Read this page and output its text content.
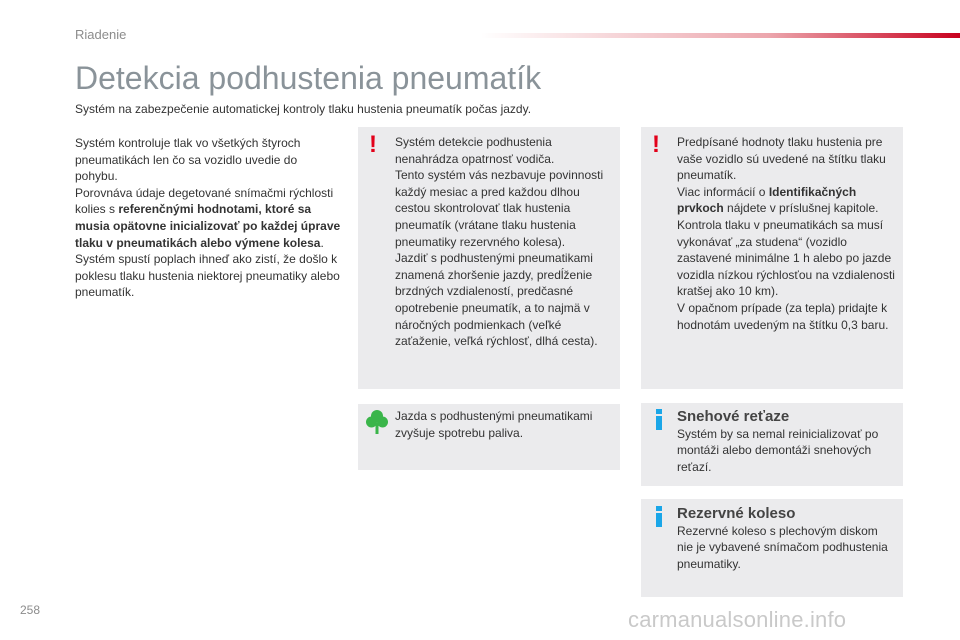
Riadenie
Detekcia podhustenia pneumatík
Systém na zabezpečenie automatickej kontroly tlaku hustenia pneumatík počas jazdy.

Systém kontroluje tlak vo všetkých štyroch pneumatikách len čo sa vozidlo uvedie do pohybu.

Porovnáva údaje degetované snímačmi rýchlosti kolies s referenčnými hodnotami, ktoré sa musia opätovne inicializovať po každej úprave tlaku v pneumatikách alebo výmene kolesa.

Systém spustí poplach ihneď ako zistí, že došlo k poklesu tlaku hustenia niektorej pneumatiky alebo pneumatík.

! Systém detekcie podhustenia nenahrádza opatrnosť vodiča.

Tento systém vás nezbavuje povinnosti každý mesiac a pred každou dlhou cestou skontrolovať tlak hustenia pneumatík (vrátane tlaku hustenia pneumatiky rezervného kolesa).

Jazdiť s podhustenými pneumatikami znamená zhoršenie jazdy, predĺženie brzdných vzdialeností, predčasné opotrebenie pneumatík, a to najmä v náročných podmienkach (veľké zaťaženie, veľká rýchlosť, dlhá cesta).

! Predpísané hodnoty tlaku hustenia pre vaše vozidlo sú uvedené na štítku tlaku pneumatík.

Viac informácií o Identifikačných prvkoch nájdete v príslušnej kapitole.

Kontrola tlaku v pneumatikách sa musí vykonávať „za studena“ (vozidlo zastavené minimálne 1 h alebo po jazde vozidla nízkou rýchlosťou na vzdialenosti kratšej ako 10 km).

V opačnom prípade (za tepla) pridajte k hodnotám uvedeným na štítku 0,3 baru.

Jazda s podhustenými pneumatikami zvyšuje spotrebu paliva.

Snehové reťaze

Systém by sa nemal reinicializovať po montáži alebo demontáži snehových reťazí.

Rezervné koleso

Rezervné koleso s plechovým diskom nie je vybavené snímačom podhustenia pneumatiky.

258	carmanualsonline.info
